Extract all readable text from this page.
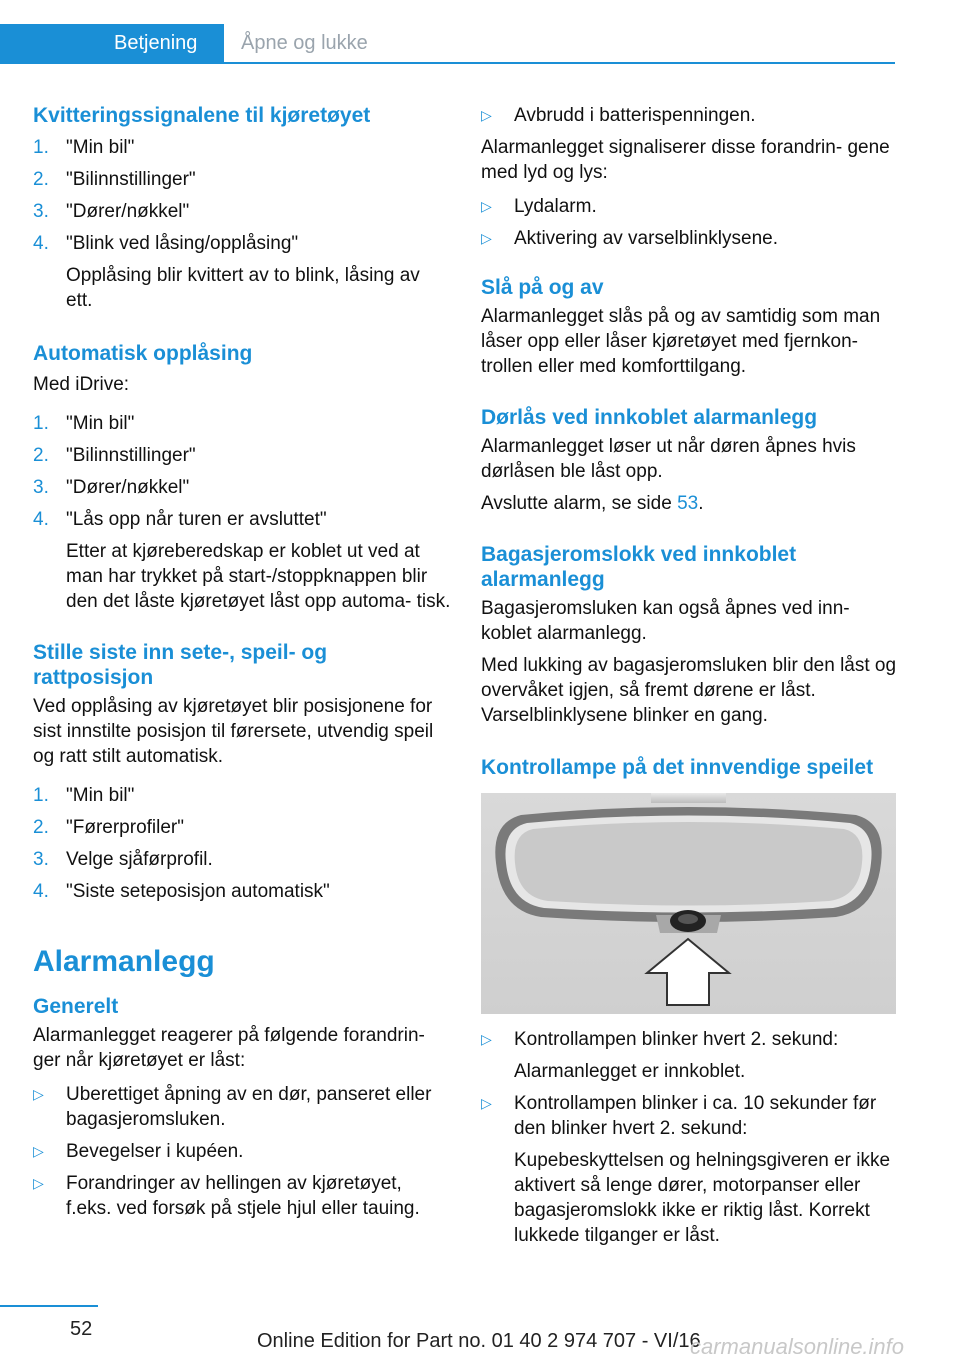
Betjening	Åpne og lukke
Kvitteringssignalene til kjøretøyet
1. "Min bil"
2. "Bilinnstillinger"
3. "Dører/nøkkel"
4. "Blink ved låsing/opplåsing"
Opplåsing blir kvittert av to blink, låsing av ett.
Automatisk opplåsing

Med iDrive:

1. "Min bil"
2. "Bilinnstillinger"
3. "Dører/nøkkel"
4. "Lås opp når turen er avsluttet"
Etter at kjøreberedskap er koblet ut ved at man har trykket på start-/stoppknappen blir den det låste kjøretøyet låst opp automa‐ tisk.
Stille siste inn sete-, speil- og rattposisjon

Ved opplåsing av kjøretøyet blir posisjonene for sist innstilte posisjon til førersete, utvendig speil og ratt stilt automatisk.

1. "Min bil"
2. "Førerprofiler"
3. Velge sjåførprofil.
4. "Siste seteposisjon automatisk"
Alarmanlegg
Generelt

Alarmanlegget reagerer på følgende forandrin‐ ger når kjøretøyet er låst:

▷ Uberettiget åpning av en dør, panseret eller bagasjeromsluken.
▷ Bevegelser i kupéen.
▷ Forandringer av hellingen av kjøretøyet, f.eks. ved forsøk på stjele hjul eller tauing.
▷ Avbrudd i batterispenningen.

Alarmanlegget signaliserer disse forandrin‐ gene med lyd og lys:

▷ Lydalarm.
▷ Aktivering av varselblinklysene.
Slå på og av

Alarmanlegget slås på og av samtidig som man låser opp eller låser kjøretøyet med fjernkon‐ trollen eller med komforttilgang.

Dørlås ved innkoblet alarmanlegg

Alarmanlegget løser ut når døren åpnes hvis dørlåsen ble låst opp.

Avslutte alarm, se side 53.

Bagasjeromslokk ved innkoblet alarmanlegg

Bagasjeromsluken kan også åpnes ved inn‐ koblet alarmanlegg.

Med lukking av bagasjeromsluken blir den låst og overvåket igjen, så fremt dørene er låst. Varselblinklysene blinker en gang.

Kontrollampe på det innvendige speilet
▷ Kontrollampen blinker hvert 2. sekund:
Alarmanlegget er innkoblet.
▷ Kontrollampen blinker i ca. 10 sekunder før den blinker hvert 2. sekund:
Kupebeskyttelsen og helningsgiveren er ikke aktivert så lenge dører, motorpanser eller bagasjeromslokk ikke er riktig låst. Korrekt lukkede tilganger er låst.
52
Online Edition for Part no. 01 40 2 974 707 - VI/16
carmanualsonline.info
